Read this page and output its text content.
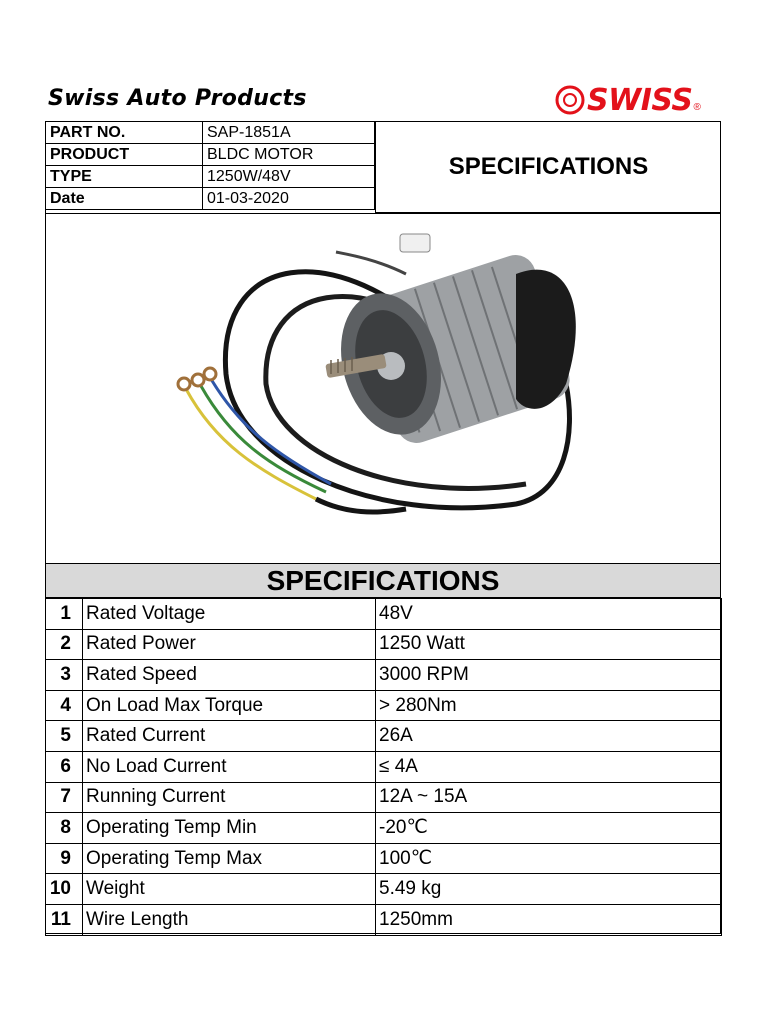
Swiss Auto Products	SWISS ®
PART NO.	SAP-1851A
PRODUCT	BLDC MOTOR
TYPE	1250W/48V
Date	01-03-2020
SPECIFICATIONS
SPECIFICATIONS
1	Rated Voltage	48V
2	Rated Power	1250 Watt
3	Rated Speed	3000 RPM
4	On Load Max Torque	> 280Nm
5	Rated Current	26A
6	No Load Current	≤ 4A
7	Running Current	12A ~ 15A
8	Operating Temp Min	-20℃
9	Operating Temp Max	100℃
10	Weight	5.49 kg
11	Wire Length	1250mm
